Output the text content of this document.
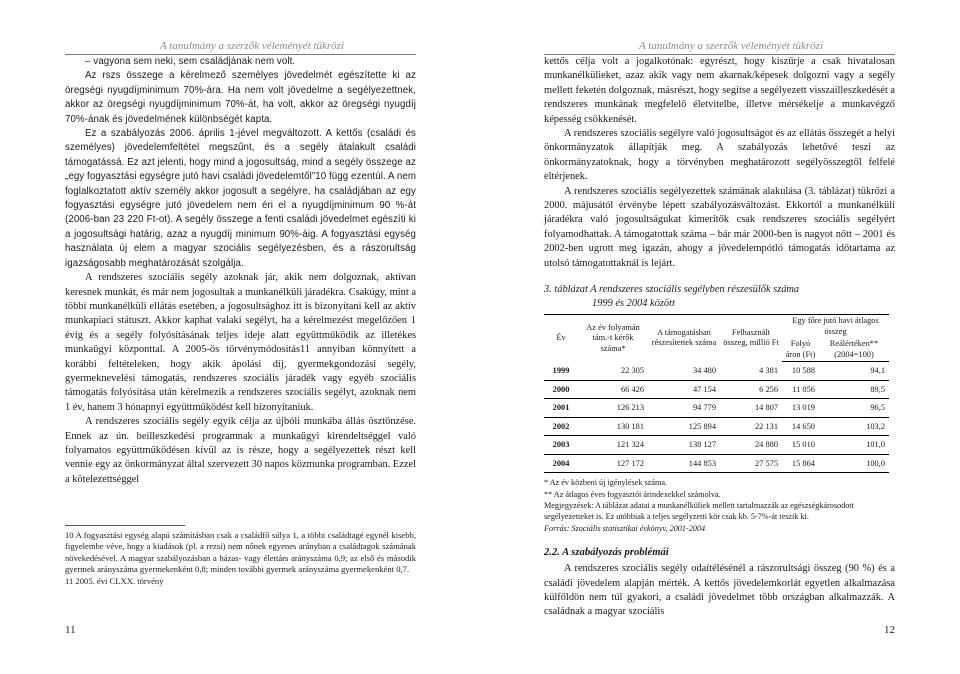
A tanulmány a szerzők véleményét tükrözi

– vagyona sem neki, sem családjának nem volt.

Az rszs összege a kérelmező személyes jövedelmét egészítette ki az öregségi nyugdíjminimum 70%-ára. Ha nem volt jövedelme a segélyezettnek, akkor az öregségi nyugdíjminimum 70%-át, ha volt, akkor az öregségi nyugdíj 70%-ának és jövedelmének különbségét kapta.

Ez a szabályozás 2006. április 1-jével megváltozott. A kettős (családi és személyes) jövedelemfeltétel megszűnt, és a segély átalakult családi támogatássá. Ez azt jelenti, hogy mind a jogosultság, mind a segély összege az „egy fogyasztási egységre jutó havi családi jövedelemtől”10 függ ezentúl. A nem foglalkoztatott aktív személy akkor jogosult a segélyre, ha családjában az egy fogyasztási egységre jutó jövedelem nem éri el a nyugdíjminimum 90 %-át (2006-ban 23 220 Ft-ot). A segély összege a fenti családi jövedelmet egészíti ki a jogosultsági határig, azaz a nyugdíj minimum 90%-áig. A fogyasztási egység használata új elem a magyar szociális segélyezésben, és a rászorultság igazságosabb meghatározását szolgálja.

A rendszeres szociális segély azoknak jár, akik nem dolgoznak, aktívan keresnek munkát, és már nem jogosultak a munkanélküli járadékra. Csakúgy, mint a többi munkanélküli ellátás esetében, a jogosultsághoz itt is bizonyítani kell az aktív munkapiaci státuszt. Akkor kaphat valaki segélyt, ha a kérelmezést megelőzően 1 évig és a segély folyósításának teljes ideje alatt együttműködik az illetékes munkaügyi központtal. A 2005-ös törvénymódosítás11 annyiban könnyített a korábbi feltételeken, hogy akik ápolási díj, gyermekgondozási segély, gyermeknevelési támogatás, rendszeres szociális járadék vagy egyéb szociális támogatás folyósítása után kérelmezik a rendszeres szociális segélyt, azoknak nem 1 év, hanem 3 hónapnyi együttműködést kell bizonyítaniuk.

A rendszeres szociális segély egyik célja az újbóli munkába állás ösztönzése. Ennek az ún. beilleszkedési programnak a munkaügyi kirendeltséggel való folyamatos együttműködésen kívül az is része, hogy a segélyezettek részt kell vennie egy az önkormányzat által szervezett 30 napos közmunka programban. Ezzel a kötelezettséggel

10 A fogyasztási egység alapú számításban csak a családfő súlya 1, a többi családtagé egynél kisebb, figyelembe véve, hogy a kiadások (pl. a rezsi) nem nőnek egyenes arányban a családtagok számának növekedésével. A magyar szabályozásban a házas- vagy élettárs arányszáma 0,9; az első és második gyermek arányszáma gyermekenként 0,8; minden további gyermek arányszáma gyermekenként 0,7.

11 2005. évi CLXX. törvény

11
A tanulmány a szerzők véleményét tükrözi

kettős célja volt a jogalkotónak: egyrészt, hogy kiszűrje a csak hivatalosan munkanélkülieket, azaz akik vagy nem akarnak/képesek dolgozni vagy a segély mellett feketén dolgoznak, másrészt, hogy segítse a segélyezett visszailleszkedését a rendszeres munkának megfelelő életvitelbe, illetve mérsékelje a munkavégző képesség csökkenését.

A rendszeres szociális segélyre való jogosultságot és az ellátás összegét a helyi önkormányzatok állapítják meg. A szabályozás lehetővé teszi az önkormányzatoknak, hogy a törvényben meghatározott segélyösszegtől felfelé eltérjenek.

A rendszeres szociális segélyezettek számának alakulása (3. táblázat) tükrözi a 2000. májusától érvénybe lépett szabályozásváltozást. Ekkortól a munkanélküli járadékra való jogosultságukat kimerítők csak rendszeres szociális segélyért folyamodhattak. A támogatottak száma – bár már 2000-ben is nagyot nőtt – 2001 és 2002-ben ugrott meg igazán, ahogy a jövedelempótló támogatás időtartama az utolsó támogatottaknál is lejárt.

3. táblázat A rendszeres szociális segélyben részesülők száma
1999 és 2004 között
Év	Az év folyamán tám.-t kérők száma*	A támogatásban részesítettek száma	Felhasznált összeg, millió Ft	Egy főre jutó havi átlagos összeg	
				Folyó áron (Ft)	Reálértéken** (2004=100)
1999	22 305	34 480	4 381	10 588	94,1
2000	66 426	47 154	6 256	11 056	89,5
2001	126 213	94 779	14 807	13 019	96,5
2002	130 181	125 894	22 131	14 650	103,2
2003	121 324	138 127	24 880	15 010	101,0
2004	127 172	144 853	27 575	15 864	100,0

* Az év közbeni új igénylések száma.

** Az átlagos éves fogyasztói árindexekkel számolva.

Megjegyzések: A táblázat adatai a munkanélküliek mellett tartalmazzák az egészségkárosodott segélyezetteket is. Ez utóbbiak a teljes segélyzetti kör csak kb. 5-7%-át teszik ki.

Forrás: Szociális statisztikai évkönyv, 2001-2004

2.2. A szabályozás problémái

A rendszeres szociális segély odaítélésénél a rászorultsági összeg (90 %) és a családi jövedelem alapján mérték. A kettős jövedelemkorlát egyetlen alkalmazása külföldön nem túl gyakori, a családi jövedelmet több országban alkalmazzák. A családnak a magyar szociális

12
